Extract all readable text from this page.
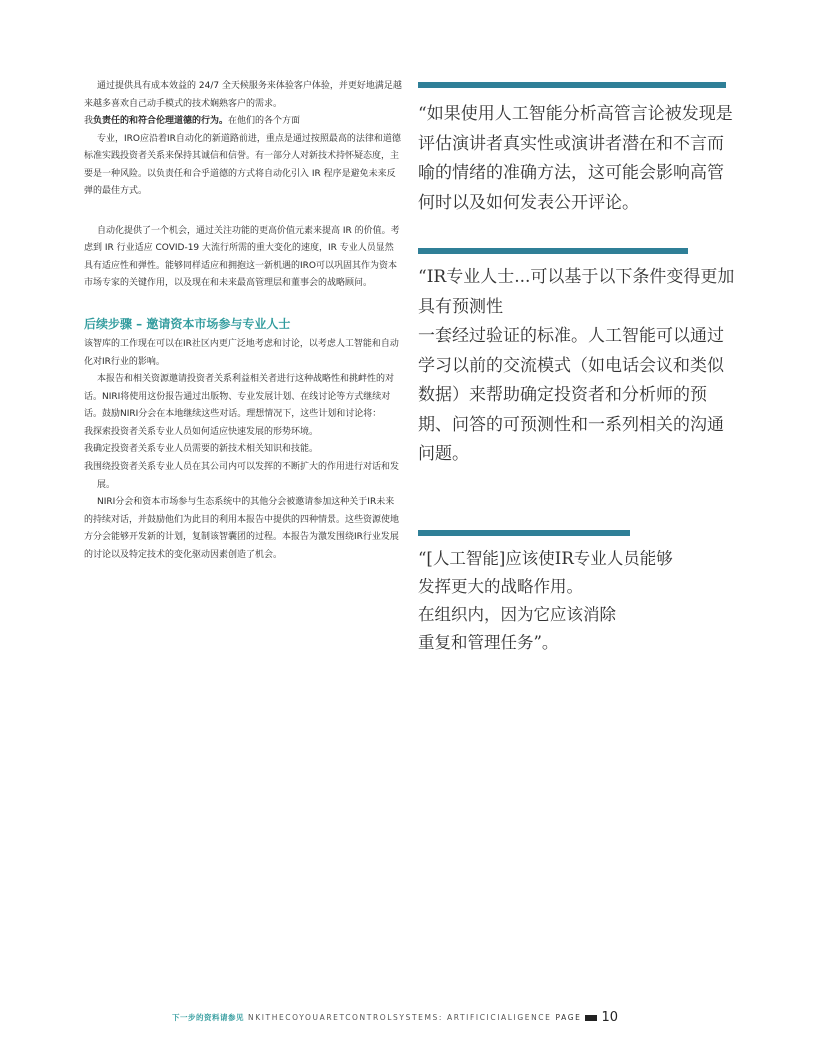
通过提供具有成本效益的 24/7 全天候服务来体验客户体验，并更好地满足越来越多喜欢自己动手模式的技术娴熟客户的需求。

我负责任的和符合伦理道德的行为。在他们的各个方面

专业，IRO应沿着IR自动化的新道路前进，重点是通过按照最高的法律和道德标准实践投资者关系来保持其诚信和信誉。有一部分人对新技术持怀疑态度，主要是一种风险。以负责任和合乎道德的方式将自动化引入 IR 程序是避免未来反弹的最佳方式。

自动化提供了一个机会，通过关注功能的更高价值元素来提高 IR 的价值。考虑到 IR 行业适应 COVID-19 大流行所需的重大变化的速度，IR 专业人员显然具有适应性和弹性。能够同样适应和拥抱这一新机遇的IRO可以巩固其作为资本市场专家的关键作用，以及现在和未来最高管理层和董事会的战略顾问。

后续步骤 – 邀请资本市场参与专业人士

该智库的工作现在可以在IR社区内更广泛地考虑和讨论，以考虑人工智能和自动化对IR行业的影响。

本报告和相关资源邀请投资者关系利益相关者进行这种战略性和挑衅性的对话。NIRI将使用这份报告通过出版物、专业发展计划、在线讨论等方式继续对话。鼓励NIRI分会在本地继续这些对话。理想情况下，这些计划和讨论将：

我探索投资者关系专业人员如何适应快速发展的形势环境。

我确定投资者关系专业人员需要的新技术相关知识和技能。

我围绕投资者关系专业人员在其公司内可以发挥的不断扩大的作用进行对话和发展。

NIRI分会和资本市场参与生态系统中的其他分会被邀请参加这种关于IR未来的持续对话，并鼓励他们为此目的利用本报告中提供的四种情景。这些资源使地方分会能够开发新的计划，复制该智囊团的过程。本报告为激发围绕IR行业发展的讨论以及特定技术的变化驱动因素创造了机会。

“如果使用人工智能分析高管言论被发现是评估演讲者真实性或演讲者潜在和不言而喻的情绪的准确方法，这可能会影响高管何时以及如何发表公开评论。

“IR专业人士...可以基于以下条件变得更加具有预测性

一套经过验证的标准。人工智能可以通过学习以前的交流模式（如电话会议和类似数据）来帮助确定投资者和分析师的预期、问答的可预测性和一系列相关的沟通问题。

“[人工智能]应该使IR专业人员能够

发挥更大的战略作用。

在组织内，因为它应该消除

重复和管理任务”。

下一步的资料请参见 NKITHECOYOUARETCONTROLSYSTEMS: ARTIFICICIALIGENCE PAGE 10
